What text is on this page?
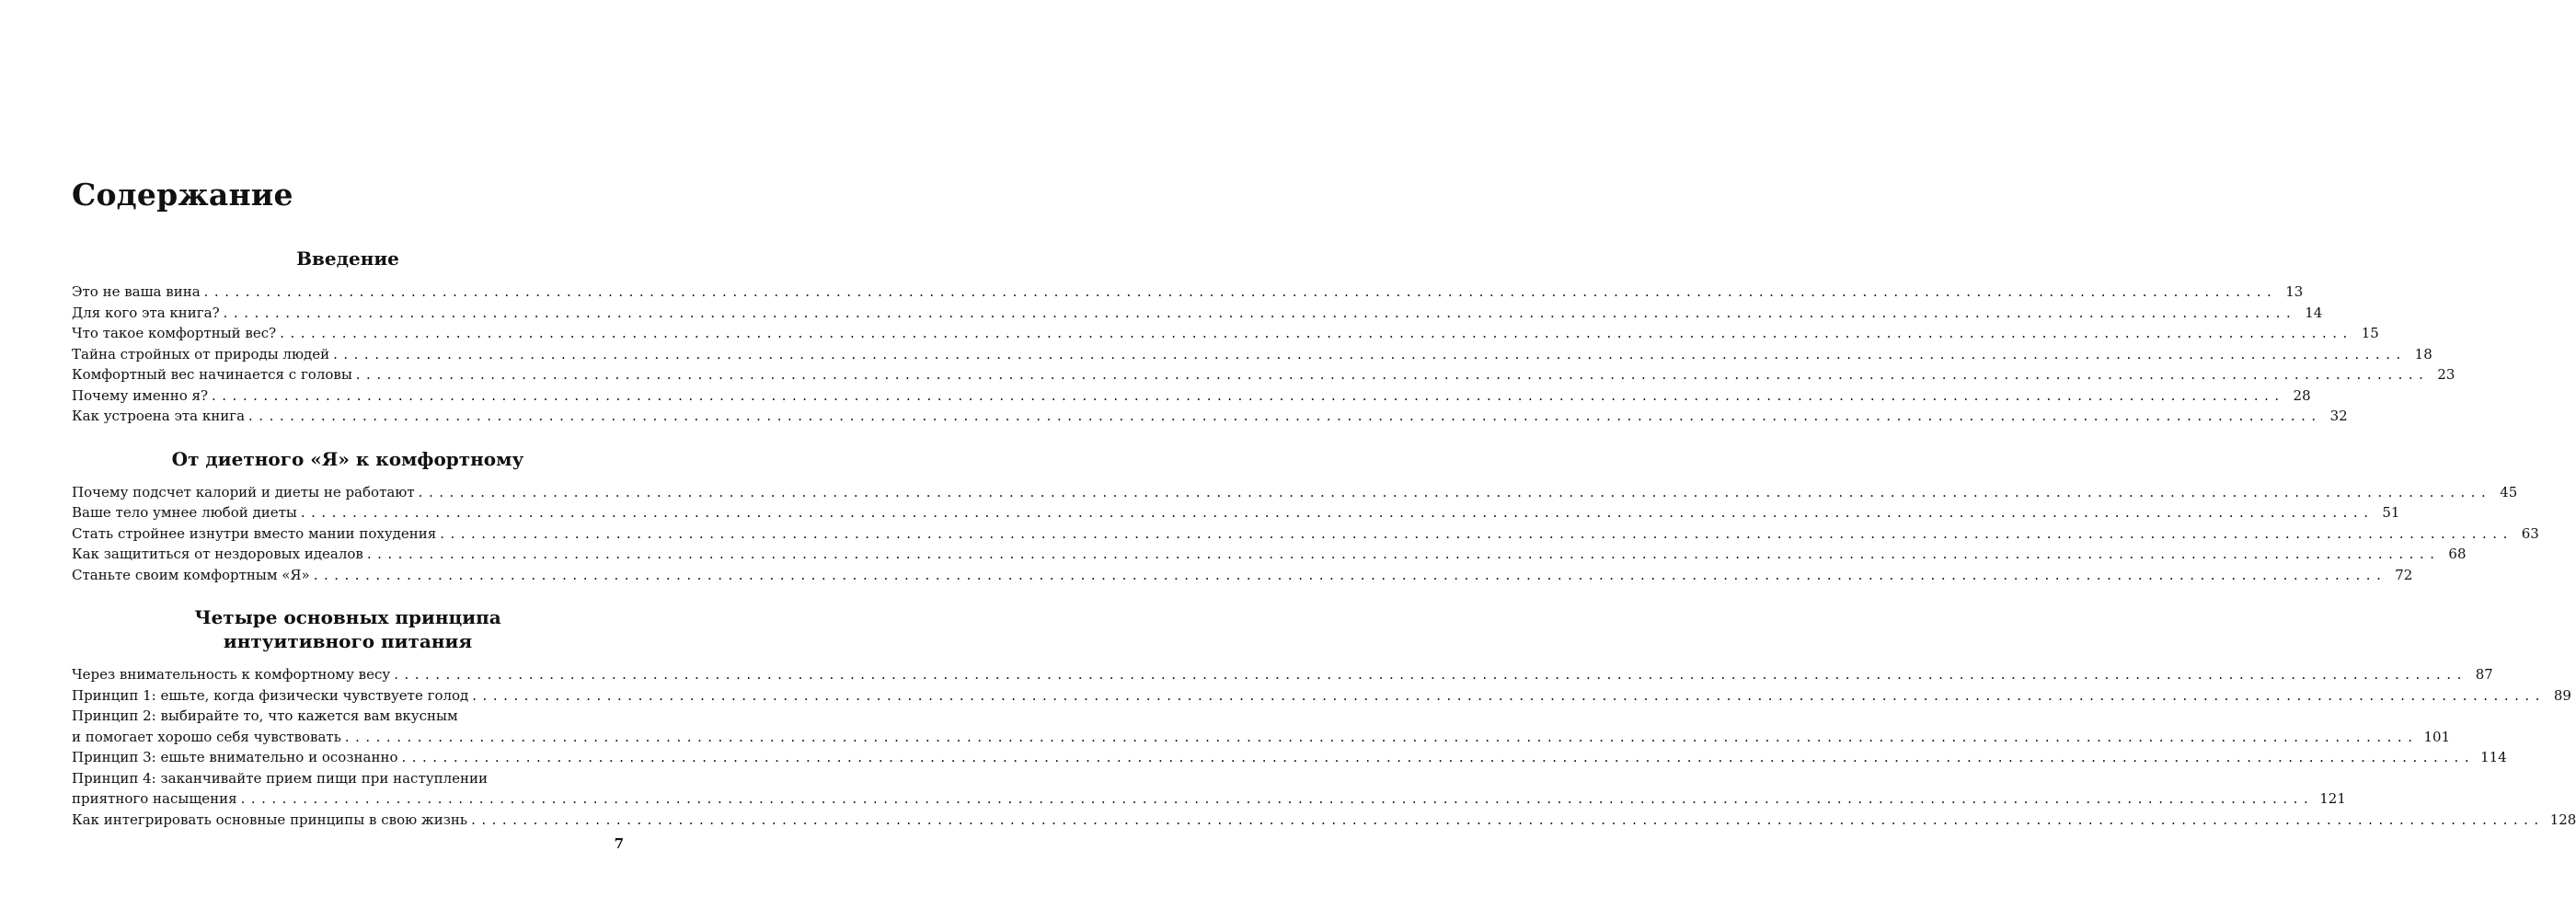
Содержание
Введение
Это не ваша вина ........................................................................................................................................................................................................ 13
Для кого эта книга? ........................................................................................................................................................................................................ 14
Что такое комфортный вес? ........................................................................................................................................................................................................ 15
Тайна стройных от природы людей ........................................................................................................................................................................................................ 18
Комфортный вес начинается с головы ........................................................................................................................................................................................................ 23
Почему именно я? ........................................................................................................................................................................................................ 28
Как устроена эта книга ........................................................................................................................................................................................................ 32
От диетного «Я» к комфортному
Почему подсчет калорий и диеты не работают ........................................................................................................................................................................................................ 45
Ваше тело умнее любой диеты ........................................................................................................................................................................................................ 51
Стать стройнее изнутри вместо мании похудения ........................................................................................................................................................................................................ 63
Как защититься от нездоровых идеалов ........................................................................................................................................................................................................ 68
Станьте своим комфортным «Я» ........................................................................................................................................................................................................ 72
Четыре основных принципа
интуитивного питания
Через внимательность к комфортному весу ........................................................................................................................................................................................................ 87
Принцип 1: ешьте, когда физически чувствуете голод ........................................................................................................................................................................................................ 89
Принцип 2: выбирайте то, что кажется вам вкусным
и помогает хорошо себя чувствовать ........................................................................................................................................................................................................ 101
Принцип 3: ешьте внимательно и осознанно ........................................................................................................................................................................................................ 114
Принцип 4: заканчивайте прием пищи при наступлении
приятного насыщения ........................................................................................................................................................................................................ 121
Как интегрировать основные принципы в свою жизнь ........................................................................................................................................................................................................ 128
7
